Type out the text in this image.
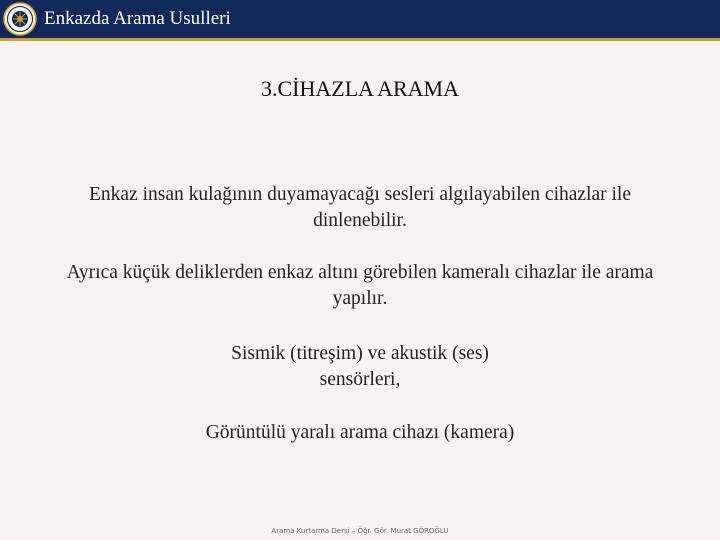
Enkazda Arama Usulleri
3.CİHAZLA ARAMA
Enkaz insan kulağının duyamayacağı sesleri algılayabilen cihazlar ile
dinlenebilir.
Ayrıca küçük deliklerden enkaz altını görebilen kameralı cihazlar ile arama
yapılır.
Sismik (titreşim) ve akustik (ses)
sensörleri,
Görüntülü yaralı arama cihazı (kamera)
Arama Kurtarma Dersi – Öğr. Gör. Murat GÖROĞLU
